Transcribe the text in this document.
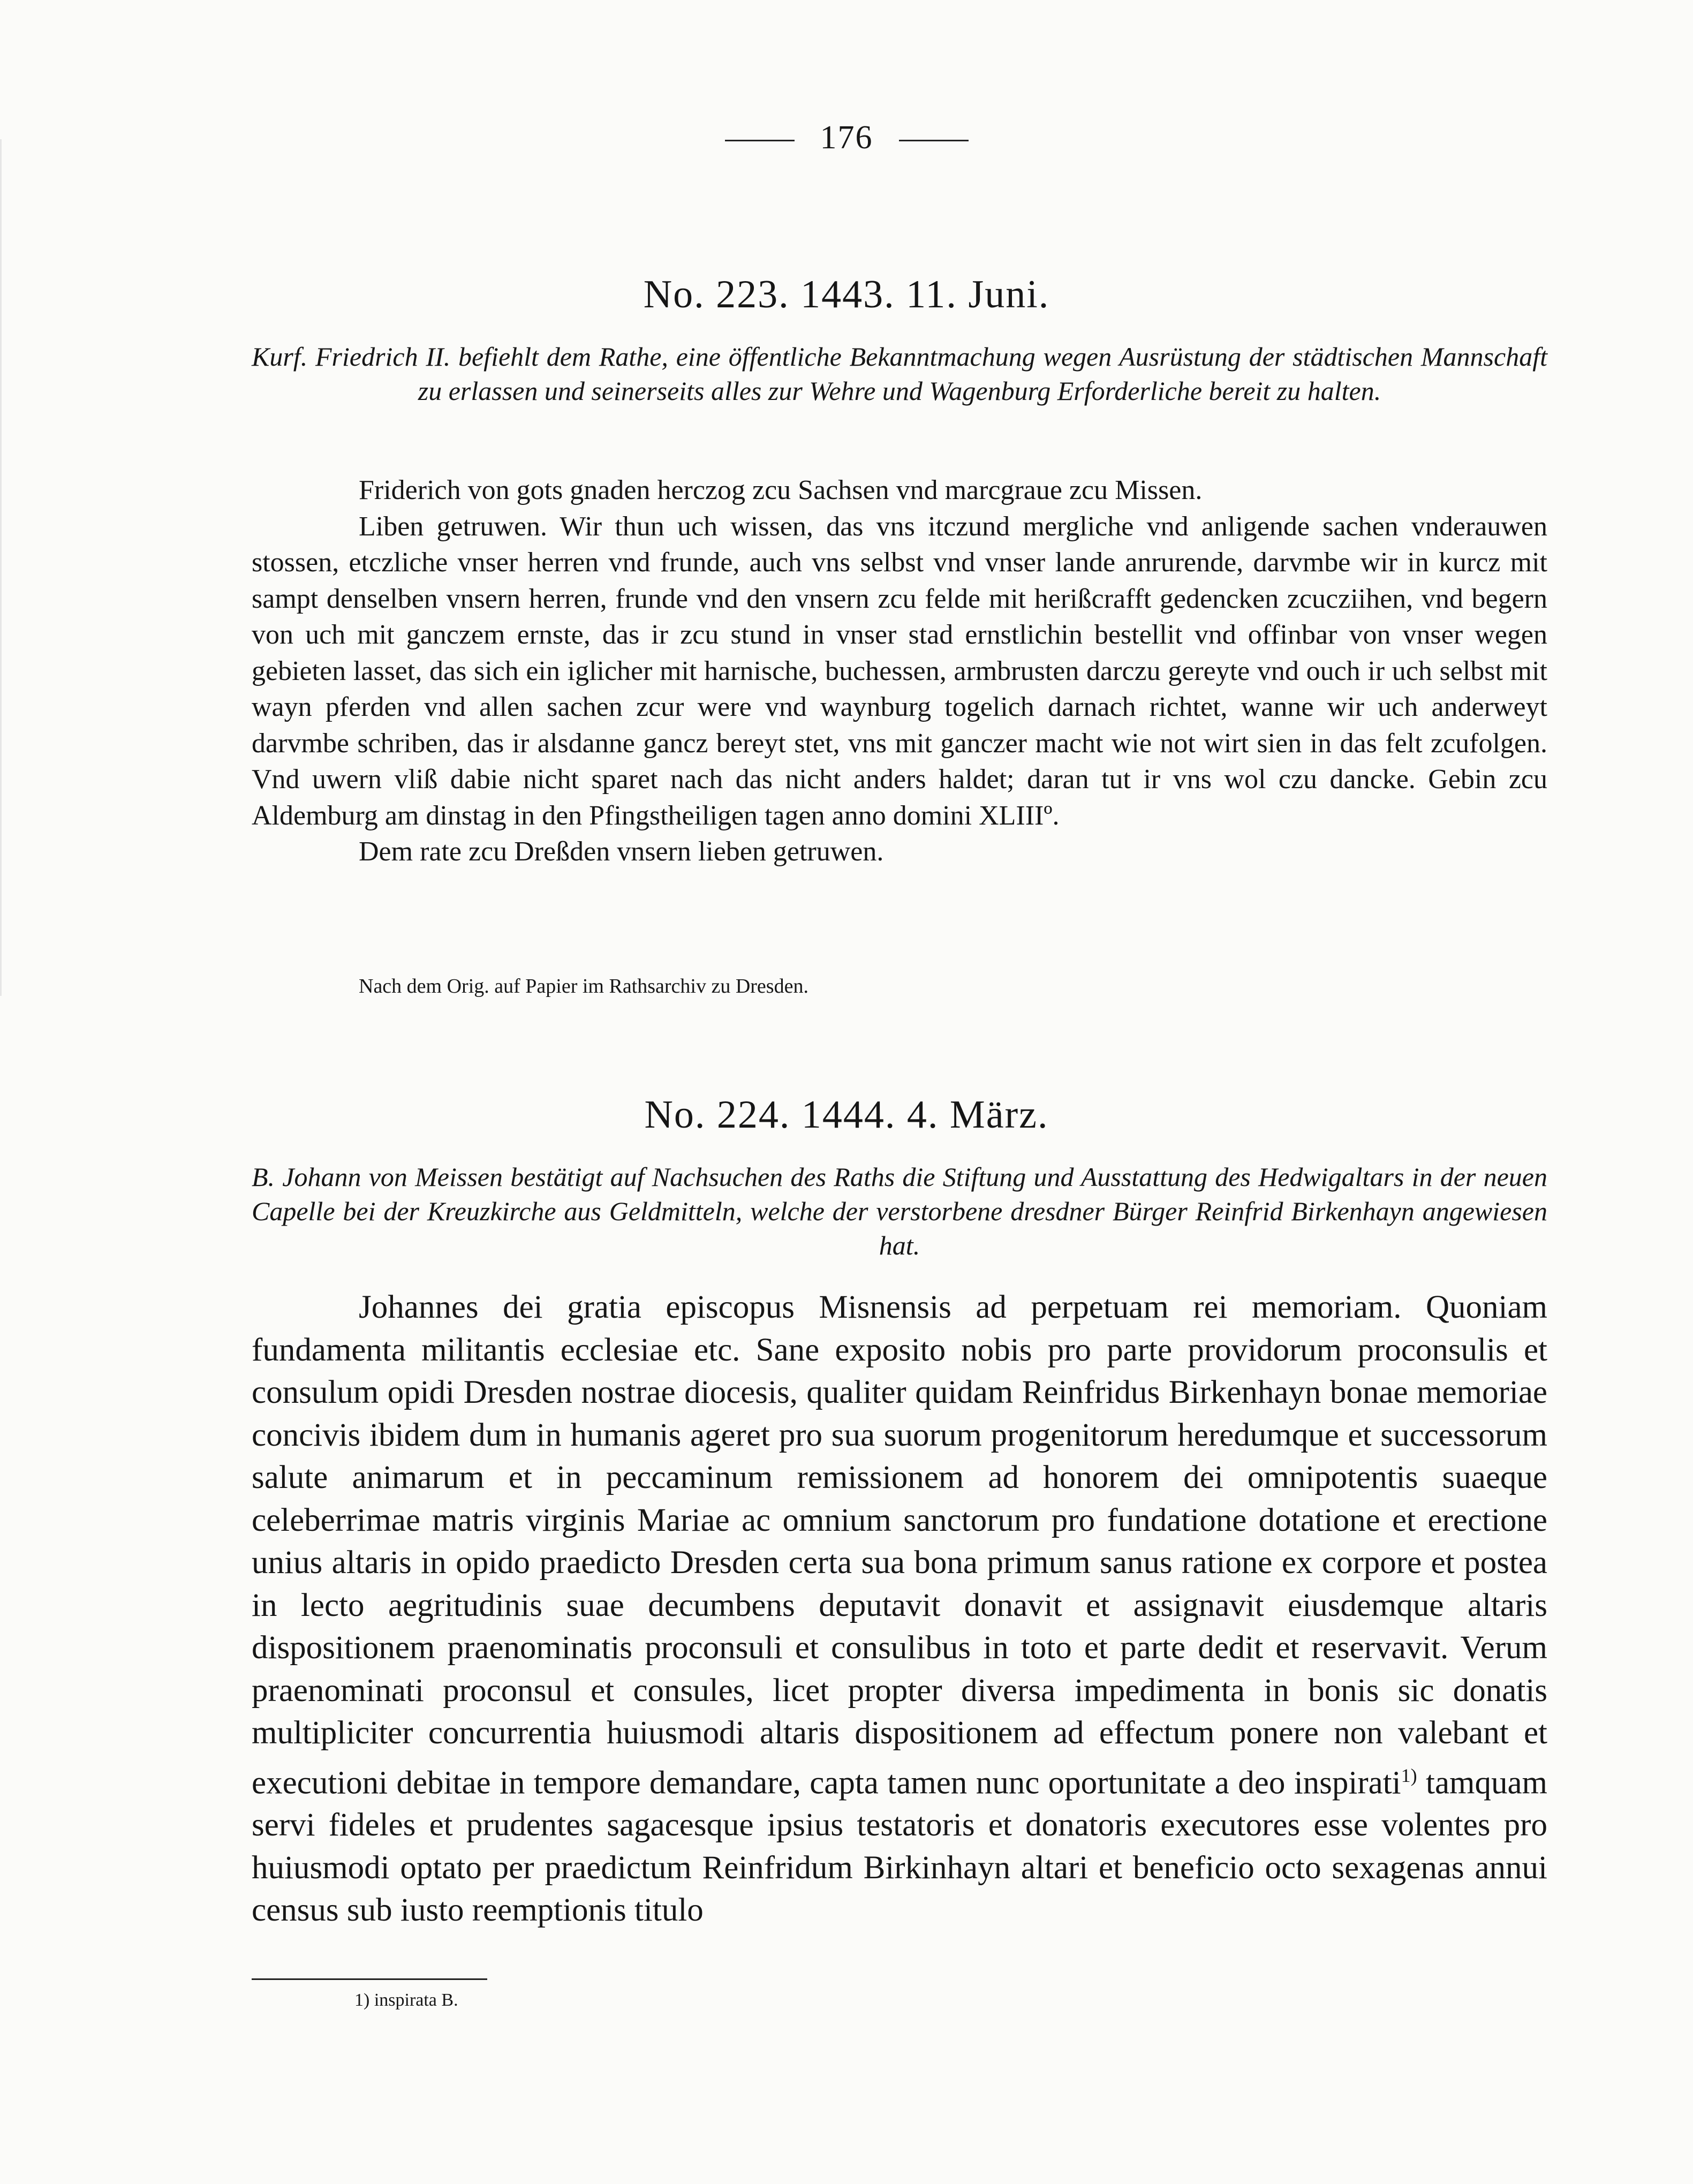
176
No. 223. 1443. 11. Juni.
Kurf. Friedrich II. befiehlt dem Rathe, eine öffentliche Bekanntmachung wegen Ausrüstung der städtischen Mannschaft zu erlassen und seinerseits alles zur Wehre und Wagenburg Erforderliche bereit zu halten.

Friderich von gots gnaden herczog zcu Sachsen vnd marcgraue zcu Missen.

Liben getruwen. Wir thun uch wissen, das vns itczund mergliche vnd anligende sachen vnderauwen stossen, etczliche vnser herren vnd frunde, auch vns selbst vnd vnser lande anrurende, darvmbe wir in kurcz mit sampt denselben vnsern herren, frunde vnd den vnsern zcu felde mit herißcrafft gedencken zcucziihen, vnd begern von uch mit ganczem ernste, das ir zcu stund in vnser stad ernstlichin bestellit vnd offinbar von vnser wegen gebieten lasset, das sich ein iglicher mit harnische, buchessen, armbrusten darczu gereyte vnd ouch ir uch selbst mit wayn pferden vnd allen sachen zcur were vnd waynburg togelich darnach richtet, wanne wir uch anderweyt darvmbe schriben, das ir alsdanne gancz bereyt stet, vns mit ganczer macht wie not wirt sien in das felt zcufolgen. Vnd uwern vliß dabie nicht sparet nach das nicht anders haldet; daran tut ir vns wol czu dancke. Gebin zcu Aldemburg am dinstag in den Pfingstheiligen tagen anno domini XLIIIº.

Dem rate zcu Dreßden vnsern lieben getruwen.

Nach dem Orig. auf Papier im Rathsarchiv zu Dresden.
No. 224. 1444. 4. März.
B. Johann von Meissen bestätigt auf Nachsuchen des Raths die Stiftung und Ausstattung des Hedwigaltars in der neuen Capelle bei der Kreuzkirche aus Geldmitteln, welche der verstorbene dresdner Bürger Reinfrid Birkenhayn angewiesen hat.

Johannes dei gratia episcopus Misnensis ad perpetuam rei memoriam. Quoniam fundamenta militantis ecclesiae etc. Sane exposito nobis pro parte providorum proconsulis et consulum opidi Dresden nostrae diocesis, qualiter quidam Reinfridus Birkenhayn bonae memoriae concivis ibidem dum in humanis ageret pro sua suorum progenitorum heredumque et successorum salute animarum et in peccaminum remissionem ad honorem dei omnipotentis suaeque celeberrimae matris virginis Mariae ac omnium sanctorum pro fundatione dotatione et erectione unius altaris in opido praedicto Dresden certa sua bona primum sanus ratione ex corpore et postea in lecto aegritudinis suae decumbens deputavit donavit et assignavit eiusdemque altaris dispositionem praenominatis proconsuli et consulibus in toto et parte dedit et reservavit. Verum praenominati proconsul et consules, licet propter diversa impedimenta in bonis sic donatis multipliciter concurrentia huiusmodi altaris dispositionem ad effectum ponere non valebant et executioni debitae in tempore demandare, capta tamen nunc oportunitate a deo inspirati$^{1)}$ tamquam servi fideles et prudentes sagacesque ipsius testatoris et donatoris executores esse volentes pro huiusmodi optato per praedictum Reinfridum Birkinhayn altari et beneficio octo sexagenas annui census sub iusto reemptionis titulo

1) inspirata B.
